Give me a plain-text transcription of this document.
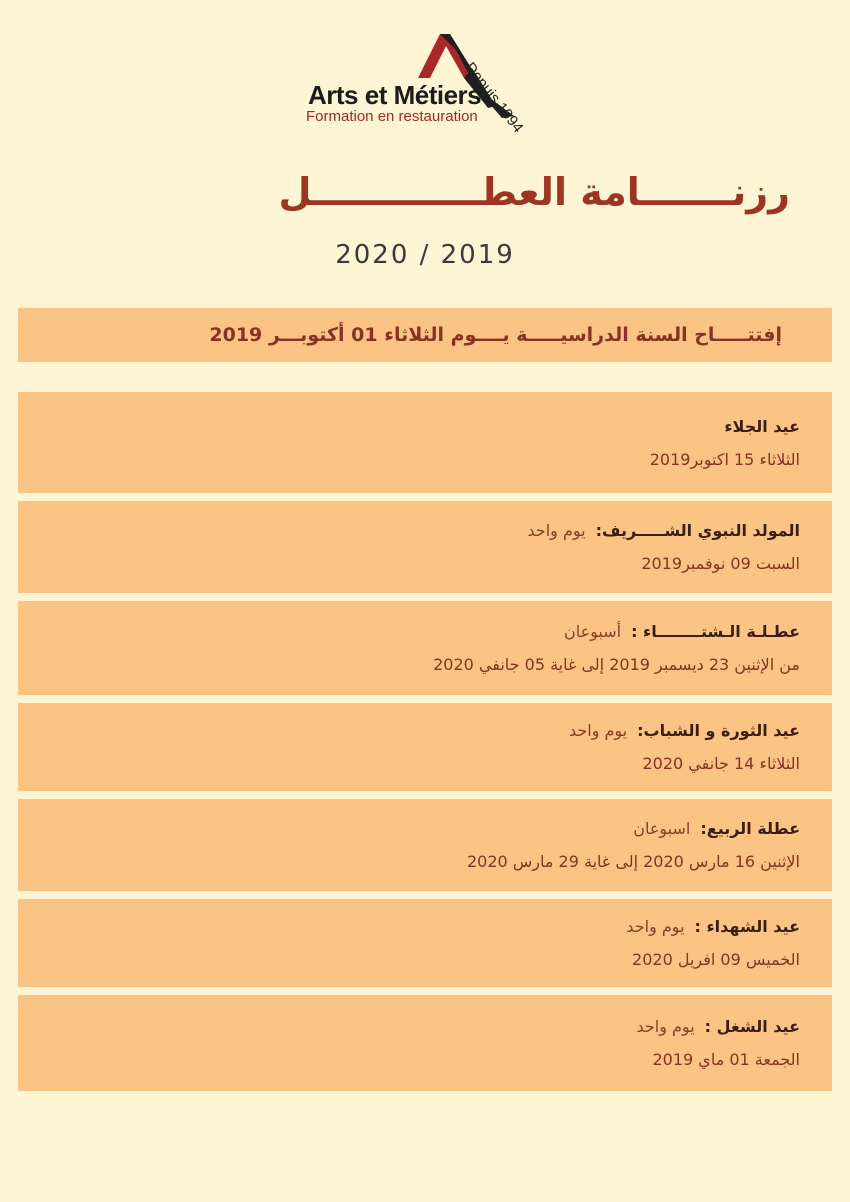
Arts et Métiers
Formation en restauration
Depuis 1994
رزنـــــــامة العطـــــــــــــل
2020 / 2019
إفتتـــــاح السنة الدراسيـــــة يــــوم الثلاثاء 01 أكتوبـــر 2019
عيد الجلاء
الثلاثاء 15 اكتوبر2019
المولد النبوي الشـــــريف:يوم واحد
السبت 09 نوفمبر2019
عطـلـة الـشتــــــــاء :أسبوعان
من الإثنين 23 ديسمبر 2019 إلى غاية 05 جانفي 2020
عيد الثورة و الشباب:يوم واحد
الثلاثاء 14 جانفي 2020
عطلة الربيع:اسبوعان
الإثنين 16 مارس 2020 إلى غاية 29 مارس 2020
عيد الشهداء :يوم واحد
الخميس 09 افريل 2020
عيد الشغل :يوم واحد
الجمعة 01 ماي 2019
